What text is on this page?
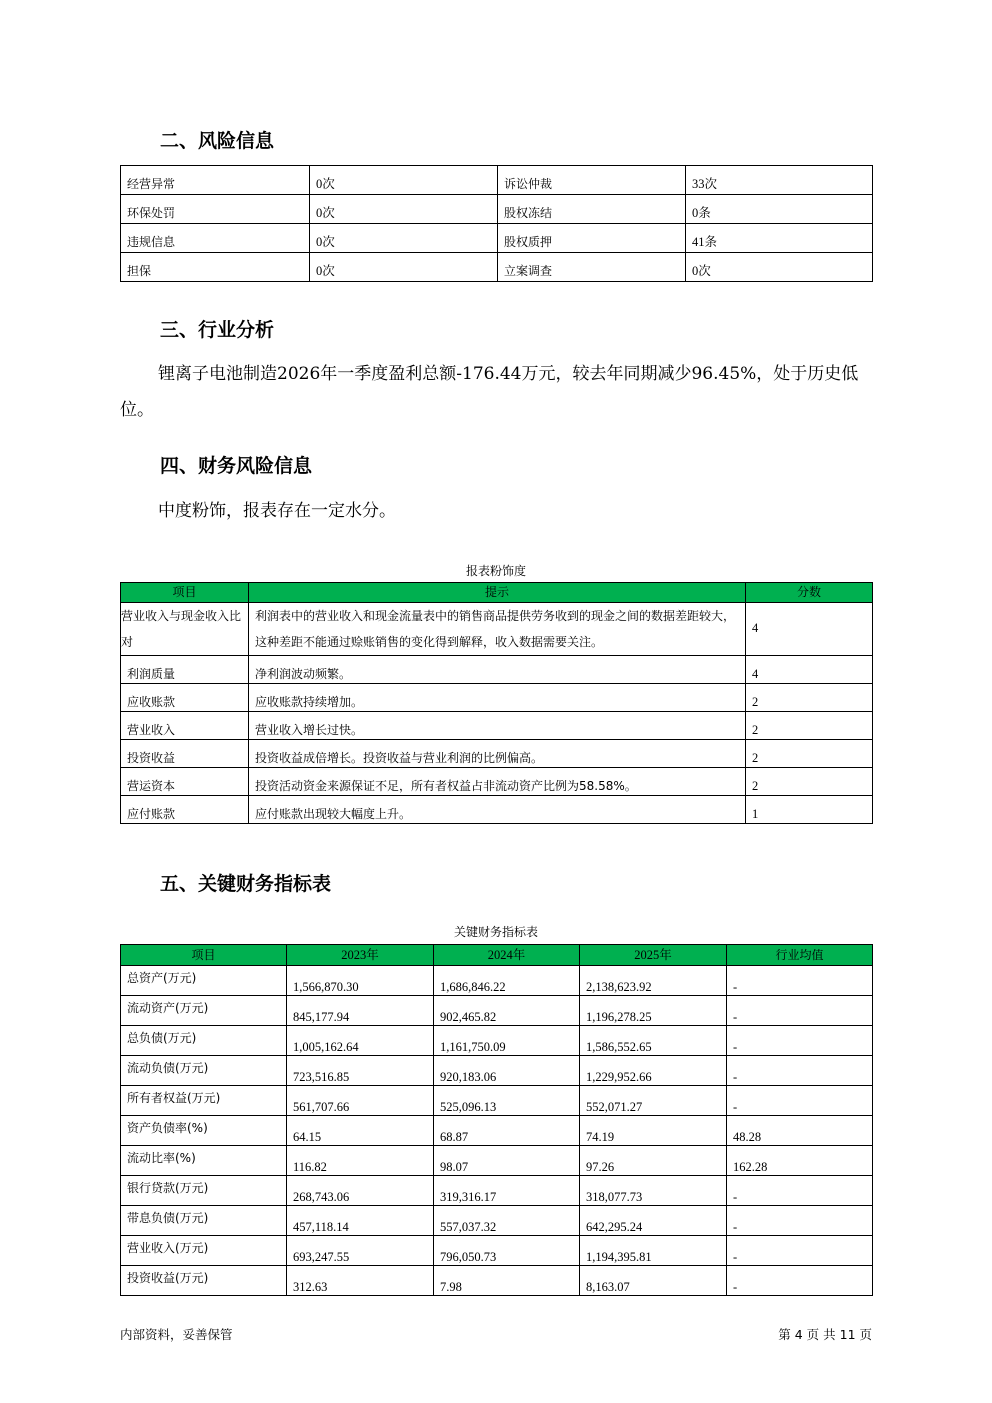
二、风险信息
经营异常	0次	诉讼仲裁	33次
环保处罚	0次	股权冻结	0条
违规信息	0次	股权质押	41条
担保	0次	立案调查	0次
三、行业分析

锂离子电池制造2026年一季度盈利总额-176.44万元，较去年同期减少96.45%，处于历史低位。

四、财务风险信息

中度粉饰，报表存在一定水分。

报表粉饰度
项目	提示	分数
营业收入与现金收入比对	利润表中的营业收入和现金流量表中的销售商品提供劳务收到的现金之间的数据差距较大，这种差距不能通过赊账销售的变化得到解释，收入数据需要关注。	4
利润质量	净利润波动频繁。	4
应收账款	应收账款持续增加。	2
营业收入	营业收入增长过快。	2
投资收益	投资收益成倍增长。投资收益与营业利润的比例偏高。	2
营运资本	投资活动资金来源保证不足，所有者权益占非流动资产比例为58.58%。	2
应付账款	应付账款出现较大幅度上升。	1
五、关键财务指标表
关键财务指标表
项目	2023年	2024年	2025年	行业均值
总资产(万元)	1,566,870.30	1,686,846.22	2,138,623.92	-
流动资产(万元)	845,177.94	902,465.82	1,196,278.25	-
总负债(万元)	1,005,162.64	1,161,750.09	1,586,552.65	-
流动负债(万元)	723,516.85	920,183.06	1,229,952.66	-
所有者权益(万元)	561,707.66	525,096.13	552,071.27	-
资产负债率(%)	64.15	68.87	74.19	48.28
流动比率(%)	116.82	98.07	97.26	162.28
银行贷款(万元)	268,743.06	319,316.17	318,077.73	-
带息负债(万元)	457,118.14	557,037.32	642,295.24	-
营业收入(万元)	693,247.55	796,050.73	1,194,395.81	-
投资收益(万元)	312.63	7.98	8,163.07	-
内部资料，妥善保管	第 4 页 共 11 页
